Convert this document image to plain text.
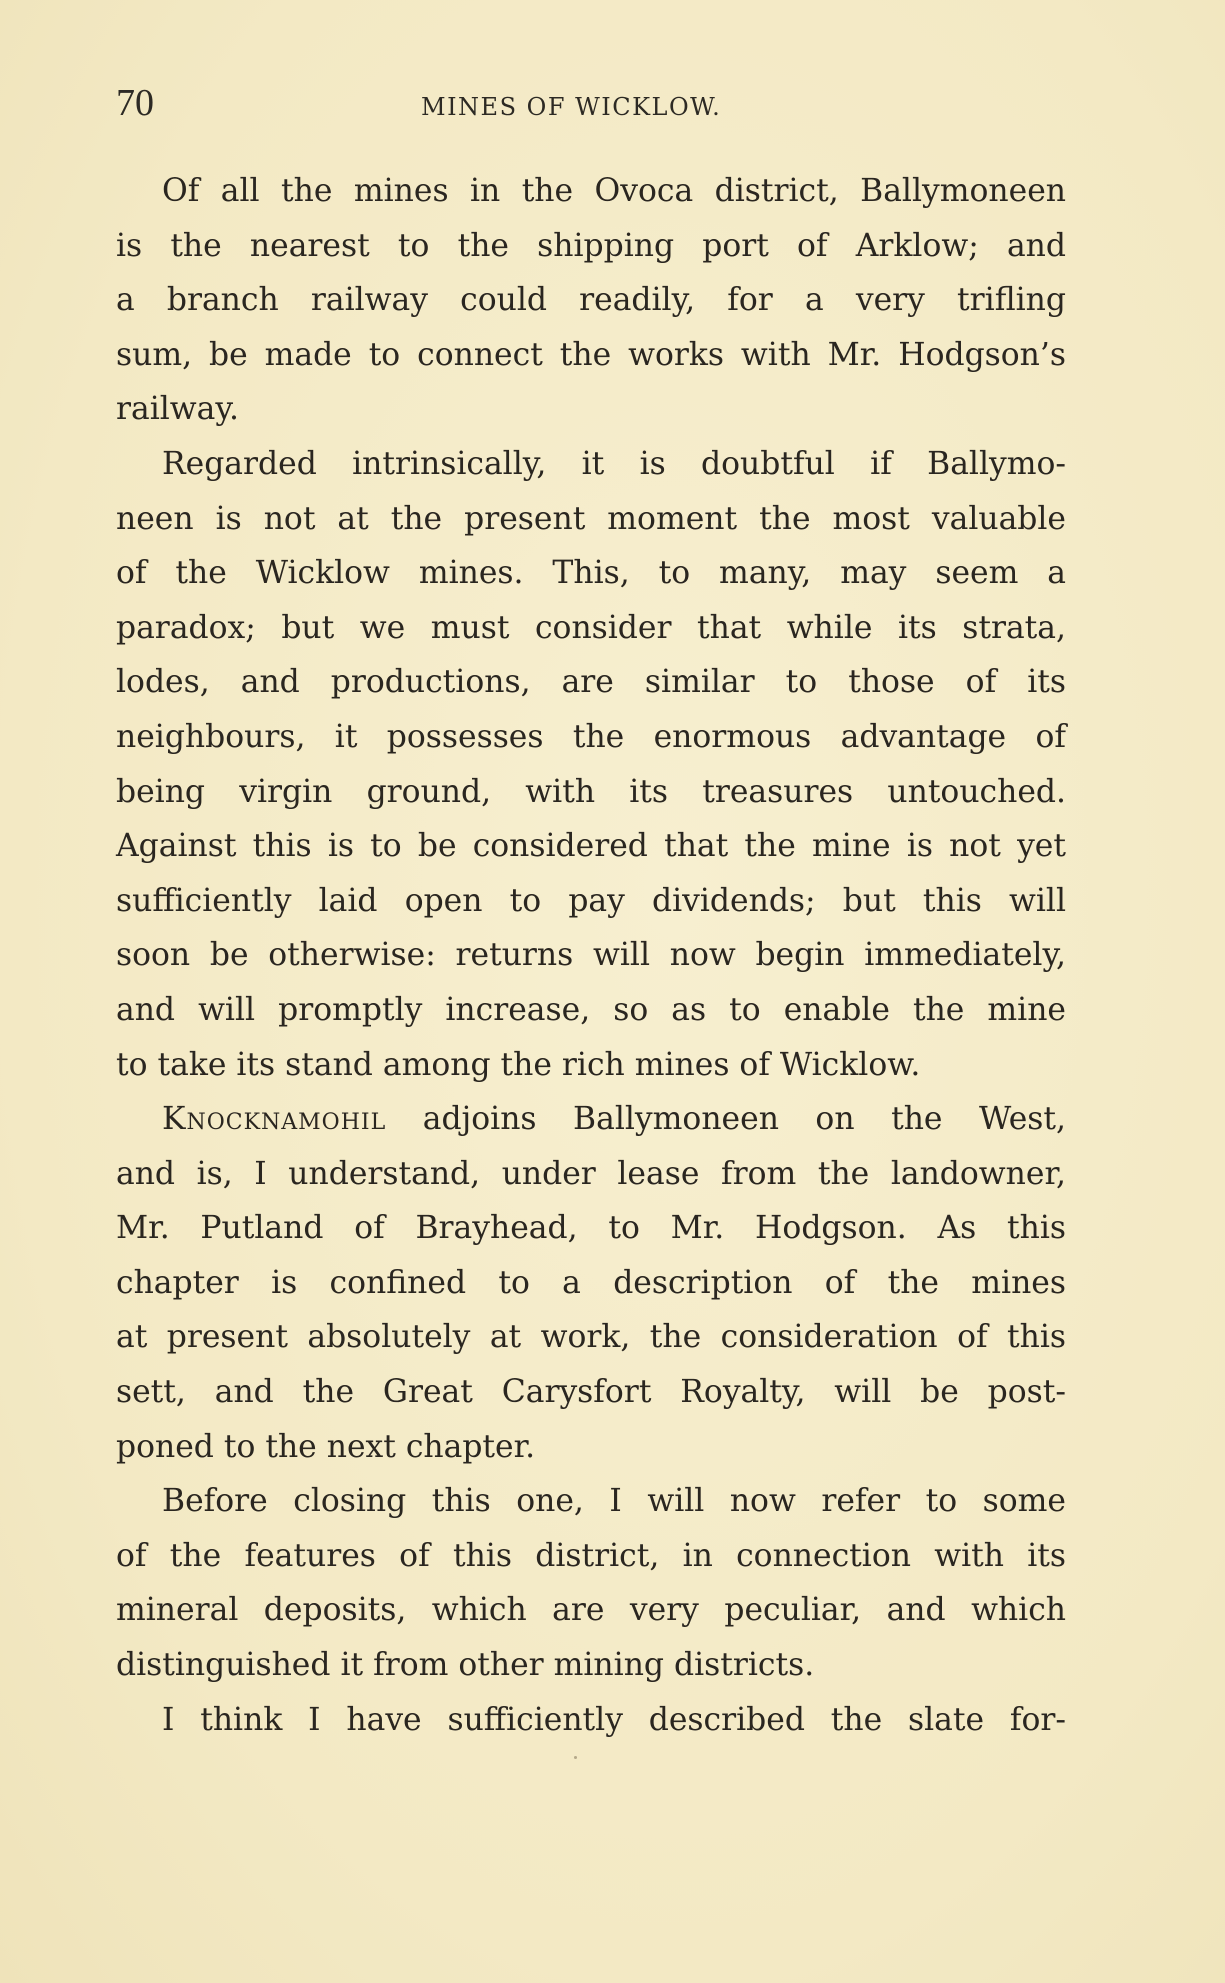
70	MINES OF WICKLOW.
Of all the mines in the Ovoca district, Ballymoneen
is the nearest to the shipping port of Arklow; and
a branch railway could readily, for a very trifling
sum, be made to connect the works with Mr. Hodgson’s
railway.
Regarded intrinsically, it is doubtful if Ballymo-
neen is not at the present moment the most valuable
of the Wicklow mines. This, to many, may seem a
paradox; but we must consider that while its strata,
lodes, and productions, are similar to those of its
neighbours, it possesses the enormous advantage of
being virgin ground, with its treasures untouched.
Against this is to be considered that the mine is not yet
sufficiently laid open to pay dividends; but this will
soon be otherwise: returns will now begin immediately,
and will promptly increase, so as to enable the mine
to take its stand among the rich mines of Wicklow.
Knocknamohil adjoins Ballymoneen on the West,
and is, I understand, under lease from the landowner,
Mr. Putland of Brayhead, to Mr. Hodgson. As this
chapter is confined to a description of the mines
at present absolutely at work, the consideration of this
sett, and the Great Carysfort Royalty, will be post-
poned to the next chapter.
Before closing this one, I will now refer to some
of the features of this district, in connection with its
mineral deposits, which are very peculiar, and which
distinguished it from other mining districts.
I think I have sufficiently described the slate for-
